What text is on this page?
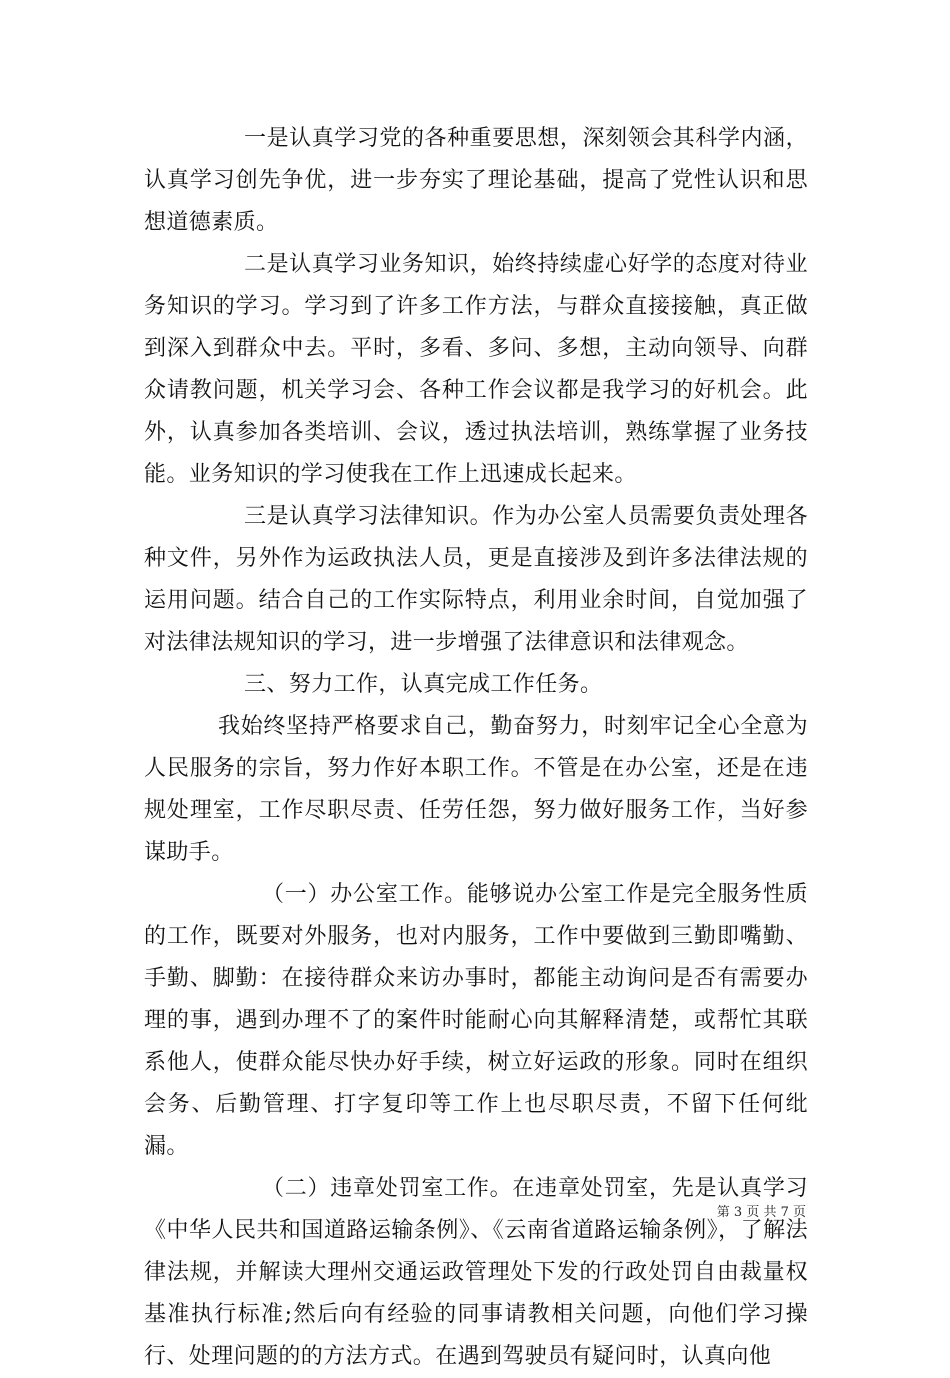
一是认真学习党的各种重要思想，深刻领会其科学内涵，认真学习创先争优，进一步夯实了理论基础，提高了党性认识和思想道德素质。

二是认真学习业务知识，始终持续虚心好学的态度对待业务知识的学习。学习到了许多工作方法，与群众直接接触，真正做到深入到群众中去。平时，多看、多问、多想，主动向领导、向群众请教问题，机关学习会、各种工作会议都是我学习的好机会。此外，认真参加各类培训、会议，透过执法培训，熟练掌握了业务技能。业务知识的学习使我在工作上迅速成长起来。

三是认真学习法律知识。作为办公室人员需要负责处理各种文件，另外作为运政执法人员，更是直接涉及到许多法律法规的运用问题。结合自己的工作实际特点，利用业余时间，自觉加强了对法律法规知识的学习，进一步增强了法律意识和法律观念。

三、努力工作，认真完成工作任务。

我始终坚持严格要求自己，勤奋努力，时刻牢记全心全意为人民服务的宗旨，努力作好本职工作。不管是在办公室，还是在违规处理室，工作尽职尽责、任劳任怨，努力做好服务工作，当好参谋助手。

（一）办公室工作。能够说办公室工作是完全服务性质的工作，既要对外服务，也对内服务，工作中要做到三勤即嘴勤、手勤、脚勤：在接待群众来访办事时，都能主动询问是否有需要办理的事，遇到办理不了的案件时能耐心向其解释清楚，或帮忙其联系他人，使群众能尽快办好手续，树立好运政的形象。同时在组织会务、后勤管理、打字复印等工作上也尽职尽责，不留下任何纰漏。

（二）违章处罚室工作。在违章处罚室，先是认真学习《中华人民共和国道路运输条例》、《云南省道路运输条例》，了解法律法规，并解读大理州交通运政管理处下发的行政处罚自由裁量权基准执行标准;然后向有经验的同事请教相关问题，向他们学习操行、处理问题的的方法方式。在遇到驾驶员有疑问时，认真向他

第 3 页 共 7 页
